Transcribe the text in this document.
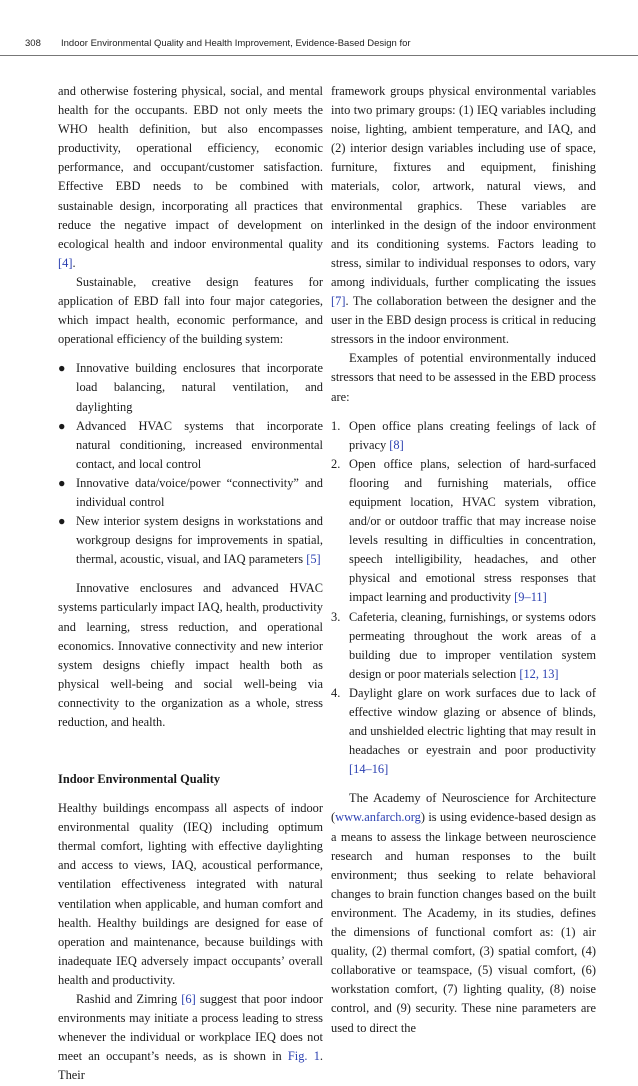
308 Indoor Environmental Quality and Health Improvement, Evidence-Based Design for

and otherwise fostering physical, social, and mental health for the occupants. EBD not only meets the WHO health definition, but also encompasses productivity, operational efficiency, economic performance, and occupant/customer satisfaction. Effective EBD needs to be combined with sustainable design, incorporating all practices that reduce the negative impact of development on ecological health and indoor environmental quality [4].

Sustainable, creative design features for application of EBD fall into four major categories, which impact health, economic performance, and operational efficiency of the building system:

● Innovative building enclosures that incorporate load balancing, natural ventilation, and daylighting
● Advanced HVAC systems that incorporate natural conditioning, increased environmental contact, and local control
● Innovative data/voice/power “connectivity” and individual control
● New interior system designs in workstations and workgroup designs for improvements in spatial, thermal, acoustic, visual, and IAQ parameters [5]

Innovative enclosures and advanced HVAC systems particularly impact IAQ, health, productivity and learning, stress reduction, and operational economics. Innovative connectivity and new interior system designs chiefly impact health both as physical well-being and social well-being via connectivity to the organization as a whole, stress reduction, and health.

Indoor Environmental Quality

Healthy buildings encompass all aspects of indoor environmental quality (IEQ) including optimum thermal comfort, lighting with effective daylighting and access to views, IAQ, acoustical performance, ventilation effectiveness integrated with natural ventilation when applicable, and human comfort and health. Healthy buildings are designed for ease of operation and maintenance, because buildings with inadequate IEQ adversely impact occupants’ overall health and productivity.

Rashid and Zimring [6] suggest that poor indoor environments may initiate a process leading to stress whenever the individual or workplace IEQ does not meet an occupant’s needs, as is shown in Fig. 1. Their

framework groups physical environmental variables into two primary groups: (1) IEQ variables including noise, lighting, ambient temperature, and IAQ, and (2) interior design variables including use of space, furniture, fixtures and equipment, finishing materials, color, artwork, natural views, and environmental graphics. These variables are interlinked in the design of the indoor environment and its conditioning systems. Factors leading to stress, similar to individual responses to odors, vary among individuals, further complicating the issues [7]. The collaboration between the designer and the user in the EBD design process is critical in reducing stressors in the indoor environment.

Examples of potential environmentally induced stressors that need to be assessed in the EBD process are:

1. Open office plans creating feelings of lack of privacy [8]
2. Open office plans, selection of hard-surfaced flooring and furnishing materials, office equipment location, HVAC system vibration, and/or or outdoor traffic that may increase noise levels resulting in difficulties in concentration, speech intelligibility, headaches, and other physical and emotional stress responses that impact learning and productivity [9–11]
3. Cafeteria, cleaning, furnishings, or systems odors permeating throughout the work areas of a building due to improper ventilation system design or poor materials selection [12, 13]
4. Daylight glare on work surfaces due to lack of effective window glazing or absence of blinds, and unshielded electric lighting that may result in headaches or eyestrain and poor productivity [14–16]

The Academy of Neuroscience for Architecture (www.anfarch.org) is using evidence-based design as a means to assess the linkage between neuroscience research and human responses to the built environment; thus seeking to relate behavioral changes to brain function changes based on the built environment. The Academy, in its studies, defines the dimensions of functional comfort as: (1) air quality, (2) thermal comfort, (3) spatial comfort, (4) collaborative or teamspace, (5) visual comfort, (6) workstation comfort, (7) lighting quality, (8) noise control, and (9) security. These nine parameters are used to direct the
